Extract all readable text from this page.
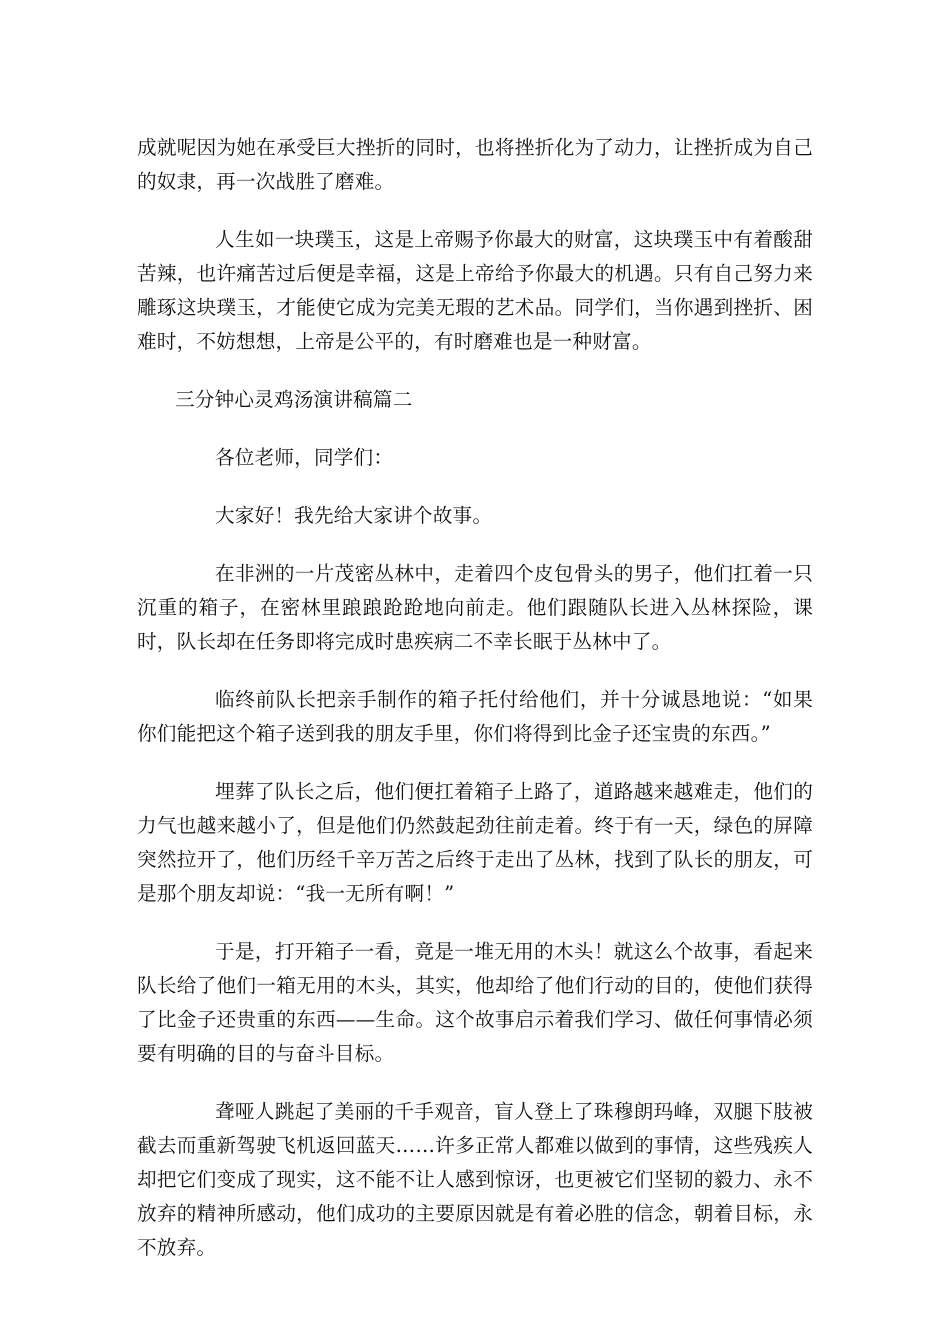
成就呢因为她在承受巨大挫折的同时，也将挫折化为了动力，让挫折成为自己的奴隶，再一次战胜了磨难。

人生如一块璞玉，这是上帝赐予你最大的财富，这块璞玉中有着酸甜苦辣，也许痛苦过后便是幸福，这是上帝给予你最大的机遇。只有自己努力来雕琢这块璞玉，才能使它成为完美无瑕的艺术品。同学们，当你遇到挫折、困难时，不妨想想，上帝是公平的，有时磨难也是一种财富。

三分钟心灵鸡汤演讲稿篇二

各位老师，同学们：

大家好！我先给大家讲个故事。

在非洲的一片茂密丛林中，走着四个皮包骨头的男子，他们扛着一只沉重的箱子，在密林里踉踉跄跄地向前走。他们跟随队长进入丛林探险，课时，队长却在任务即将完成时患疾病二不幸长眠于丛林中了。

临终前队长把亲手制作的箱子托付给他们，并十分诚恳地说：“如果你们能把这个箱子送到我的朋友手里，你们将得到比金子还宝贵的东西。”

埋葬了队长之后，他们便扛着箱子上路了，道路越来越难走，他们的力气也越来越小了，但是他们仍然鼓起劲往前走着。终于有一天，绿色的屏障突然拉开了，他们历经千辛万苦之后终于走出了丛林，找到了队长的朋友，可是那个朋友却说：“我一无所有啊！”

于是，打开箱子一看，竟是一堆无用的木头！就这么个故事，看起来队长给了他们一箱无用的木头，其实，他却给了他们行动的目的，使他们获得了比金子还贵重的东西——生命。这个故事启示着我们学习、做任何事情必须要有明确的目的与奋斗目标。

聋哑人跳起了美丽的千手观音，盲人登上了珠穆朗玛峰，双腿下肢被截去而重新驾驶飞机返回蓝天……许多正常人都难以做到的事情，这些残疾人却把它们变成了现实，这不能不让人感到惊讶，也更被它们坚韧的毅力、永不放弃的精神所感动，他们成功的主要原因就是有着必胜的信念，朝着目标，永不放弃。
